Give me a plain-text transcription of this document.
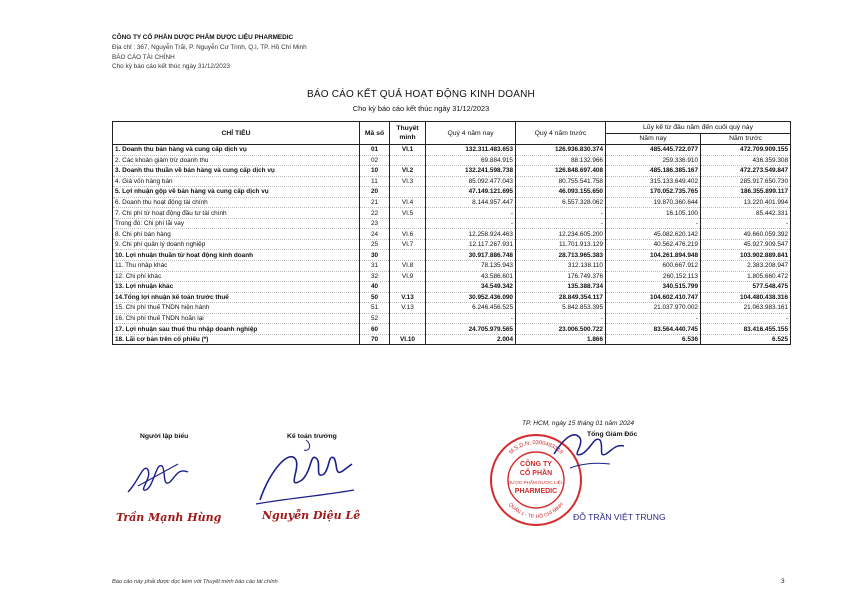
CÔNG TY CỔ PHẦN DƯỢC PHẨM DƯỢC LIỆU PHARMEDIC
Địa chỉ : 367, Nguyễn Trãi, P. Nguyễn Cư Trinh, Q.I, TP. Hồ Chí Minh
BÁO CÁO TÀI CHÍNH
Cho kỳ báo cáo kết thúc ngày 31/12/2023
BÁO CÁO KẾT QUẢ HOẠT ĐỘNG KINH DOANH
Cho kỳ báo cáo kết thúc ngày 31/12/2023
CHỈ TIÊU	Mã số	Thuyết minh	Quý 4 năm nay	Quý 4 năm trước	Lũy kế từ đầu năm đến cuối quý này	
					Năm nay	Năm trước
1. Doanh thu bán hàng và cung cấp dịch vụ	01	VI.1	132.311.483.653	126.936.830.374	485.445.722.077	472.709.909.155
2. Các khoản giảm trừ doanh thu	02		69.884.915	88.132.966	259.336.910	436.359.308
3. Doanh thu thuần về bán hàng và cung cấp dịch vụ	10	VI.2	132.241.598.738	126.848.697.408	485.186.385.167	472.273.549.847
4. Giá vốn hàng bán	11	VI.3	85.092.477.043	80.755.541.758	315.133.649.402	285.917.650.730
5. Lợi nhuận gộp về bán hàng và cung cấp dịch vụ	20		47.149.121.695	46.093.155.650	170.052.735.765	186.355.899.117
6. Doanh thu hoạt động tài chính	21	VI.4	8.144.957.447	6.557.328.062	19.870.360.644	13.220.401.994
7. Chi phí từ hoạt động đầu tư tài chính	22	VI.5	-	-	16.105.100	85.442.331
Trong đó: Chi phí lãi vay	23		-	-	-	-
8. Chi phí bán hàng	24	VI.6	12.258.924.463	12.234.605.200	45.082.620.142	49.660.059.392
9. Chi phí quản lý doanh nghiệp	25	VI.7	12.117.267.931	11.701.913.129	40.562.476.219	45.927.909.547
10. Lợi nhuận thuần từ hoạt động kinh doanh	30		30.917.886.748	28.713.965.383	104.261.894.948	103.902.889.841
11. Thu nhập khác	31	VI.8	78.135.943	312.138.110	600.667.912	2.383.208.947
12. Chi phí khác	32	VI.9	43.586.601	176.749.376	260.152.113	1.805.660.472
13. Lợi nhuận khác	40		34.549.342	135.388.734	340.515.799	577.548.475
14.Tổng lợi nhuận kế toán trước thuế	50	V.13	30.952.436.090	28.849.354.117	104.602.410.747	104.480.438.316
15. Chi phí thuế TNDN hiện hành	51	V.13	6.246.456.525	5.842.853.395	21.037.970.002	21.063.983.161
16. Chi phí thuế TNDN hoãn lại	52		-	-	-	-
17. Lợi nhuận sau thuế thu nhập doanh nghiệp	60		24.705.979.565	23.006.500.722	83.564.440.745	83.416.455.155
18. Lãi cơ bản trên cổ phiếu (*)	70	VI.10	2.004	1.866	6.536	6.525
Người lập biểu	Kế toán trưởng
TP. HCM, ngày 15 tháng 01 năm 2024
Tổng Giám Đốc
Trần Mạnh Hùng	Nguyễn Diệu Lê
CÔNG TY
CỔ PHẦN
DƯỢC PHẨM DƯỢC LIỆU
PHARMEDIC
M.S.D.N: 0300483319
QUẬN 1 - TP. HỒ CHÍ MINH
ĐỖ TRẦN VIỆT TRUNG
Báo cáo này phải được đọc kèm với Thuyết minh báo cáo tài chính	3
